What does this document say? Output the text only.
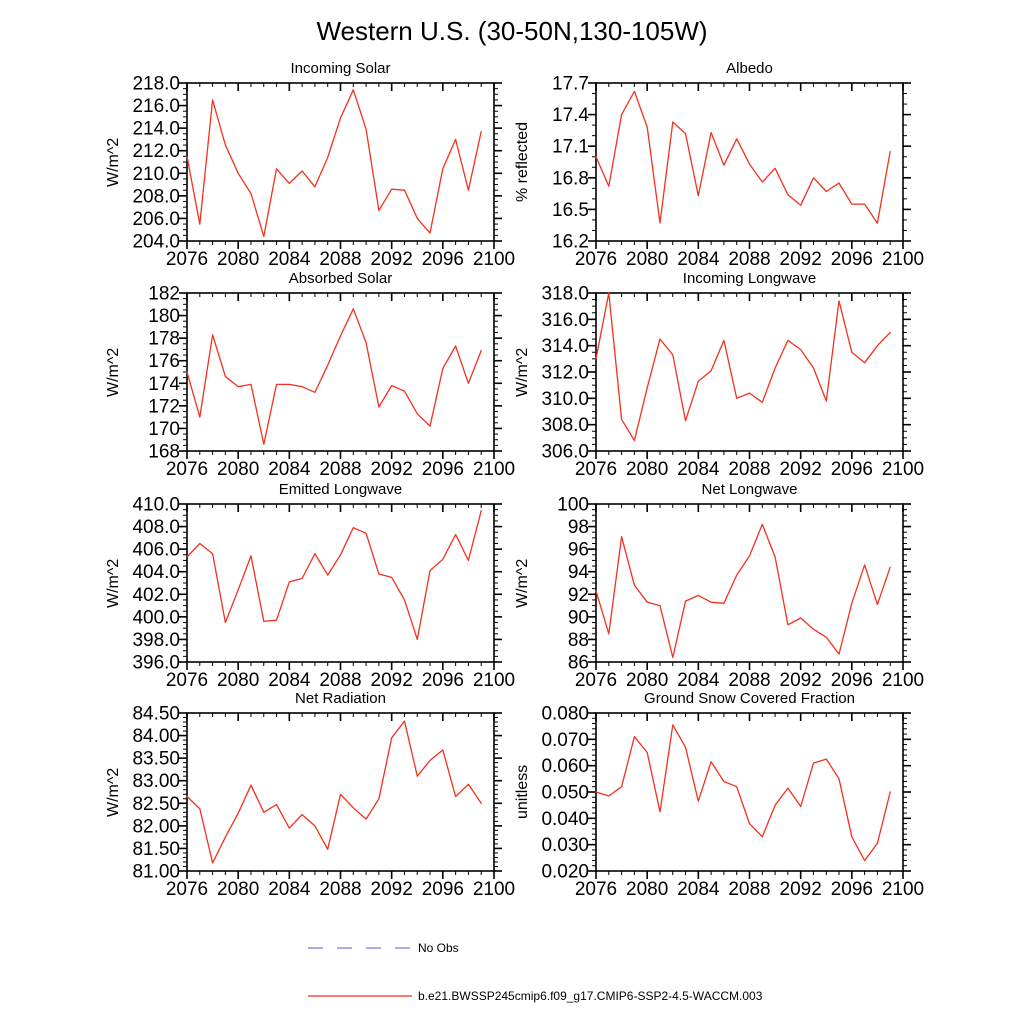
Western U.S. (30-50N,130-105W)
Incoming Solar
W/m^2
2076 2080 2084 2088 2092 2096 2100
204.0
206.0
208.0
210.0
212.0
214.0
216.0
218.0
Albedo
% reflected
2076 2080 2084 2088 2092 2096 2100
16.2
16.5
16.8
17.1
17.4
17.7
Absorbed Solar
W/m^2
2076 2080 2084 2088 2092 2096 2100
168
170
172
174
176
178
180
182
Incoming Longwave
W/m^2
2076 2080 2084 2088 2092 2096 2100
306.0
308.0
310.0
312.0
314.0
316.0
318.0
Emitted Longwave
W/m^2
2076 2080 2084 2088 2092 2096 2100
396.0
398.0
400.0
402.0
404.0
406.0
408.0
410.0
Net Longwave
W/m^2
2076 2080 2084 2088 2092 2096 2100
86
88
90
92
94
96
98
100
Net Radiation
W/m^2
2076 2080 2084 2088 2092 2096 2100
81.00
81.50
82.00
82.50
83.00
83.50
84.00
84.50
Ground Snow Covered Fraction
unitless
2076 2080 2084 2088 2092 2096 2100
0.020
0.030
0.040
0.050
0.060
0.070
0.080
No Obs
b.e21.BWSSP245cmip6.f09_g17.CMIP6-SSP2-4.5-WACCM.003
